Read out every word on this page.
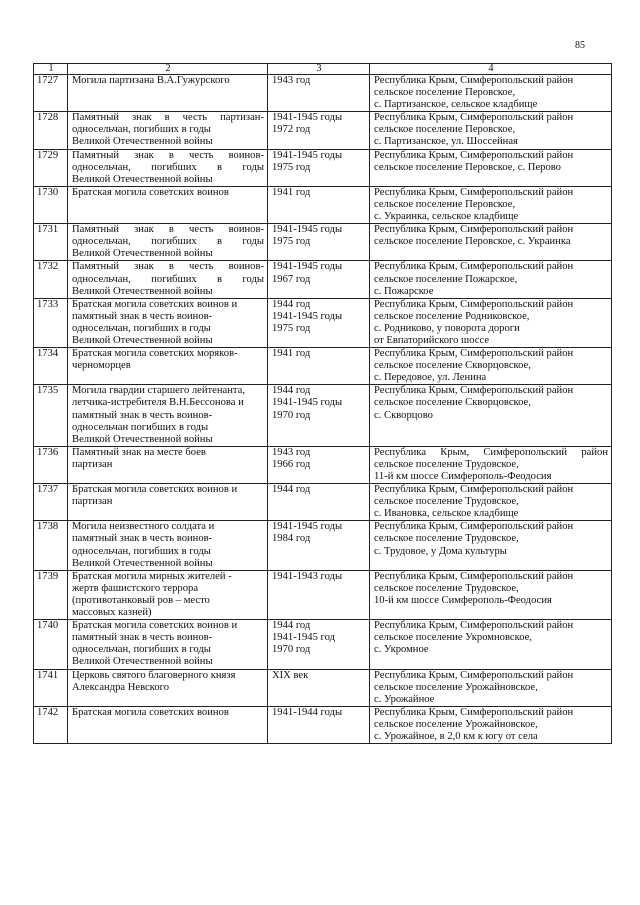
85
1	2	3	4
1727	Могила партизана В.А.Гужурского	1943 год	Республика Крым, Симферопольский район
сельское поселение Перовское,
с. Партизанское, сельское кладбище

1728	Памятный знак в честь партизан-
односельчан, погибших в годы
Великой Отечественной войны	1941-1945 годы
1972 год	Республика Крым, Симферопольский район
сельское поселение Перовское,
с. Партизанское, ул. Шоссейная

1729	Памятный знак в честь воинов-
односельчан, погибших в годы
Великой Отечественной войны	1941-1945 годы
1975 год	Республика Крым, Симферопольский район
сельское поселение Перовское, с. Перово

1730	Братская могила советских воинов	1941 год	Республика Крым, Симферопольский район
сельское поселение Перовское,
с. Украинка, сельское кладбище

1731	Памятный знак в честь воинов-
односельчан, погибших в годы
Великой Отечественной войны	1941-1945 годы
1975 год	Республика Крым, Симферопольский район
сельское поселение Перовское, с. Украинка

1732	Памятный знак в честь воинов-
односельчан, погибших в годы
Великой Отечественной войны	1941-1945 годы
1967 год	Республика Крым, Симферопольский район
сельское поселение Пожарское,
с. Пожарское

1733	Братская могила советских воинов и
памятный знак в честь воинов-
односельчан, погибших в годы
Великой Отечественной войны	1944 год
1941-1945 годы
1975 год	Республика Крым, Симферопольский район
сельское поселение Родниковское,
с. Родниково, у поворота дороги
от Евпаторийского шоссе

1734	Братская могила советских моряков-
черноморцев	1941 год	Республика Крым, Симферопольский район
сельское поселение Скворцовское,
с. Передовое, ул. Ленина

1735	Могила гвардии старшего лейтенанта,
летчика-истребителя В.Н.Бессонова и
памятный знак в честь воинов-
односельчан погибших в годы
Великой Отечественной войны	1944 год
1941-1945 годы
1970 год	Республика Крым, Симферопольский район
сельское поселение Скворцовское,
с. Скворцово

1736	Памятный знак на месте боев
партизан	1943 год
1966 год	Республика Крым, Симферопольский район
сельское поселение Трудовское,
11-й км шоссе Симферополь-Феодосия

1737	Братская могила советских воинов и
партизан	1944 год	Республика Крым, Симферопольский район
сельское поселение Трудовское,
с. Ивановка, сельское кладбище

1738	Могила неизвестного солдата и
памятный знак в честь воинов-
односельчан, погибших в годы
Великой Отечественной войны	1941-1945 годы
1984 год	Республика Крым, Симферопольский район
сельское поселение Трудовское,
с. Трудовое, у Дома культуры

1739	Братская могила мирных жителей -
жертв фашистского террора
(противотанковый ров – место
массовых казней)	1941-1943 годы	Республика Крым, Симферопольский район
сельское поселение Трудовское,
10-й км шоссе Симферополь-Феодосия

1740	Братская могила советских воинов и
памятный знак в честь воинов-
односельчан, погибших в годы
Великой Отечественной войны	1944 год
1941-1945 год
1970 год	Республика Крым, Симферопольский район
сельское поселение Укромновское,
с. Укромное

1741	Церковь святого благоверного князя
Александра Невского	XIX век	Республика Крым, Симферопольский район
сельское поселение Урожайновское,
с. Урожайное

1742	Братская могила советских воинов	1941-1944 годы	Республика Крым, Симферопольский район
сельское поселение Урожайновское,
с. Урожайное, в 2,0 км к югу от села
